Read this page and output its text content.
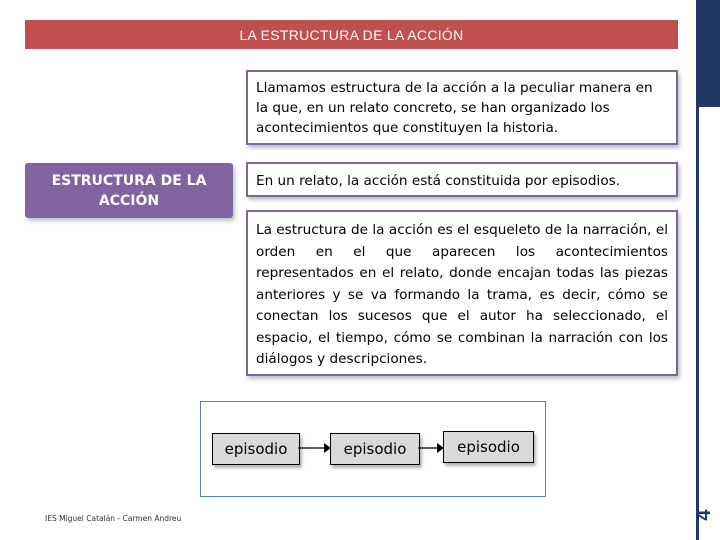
LA ESTRUCTURA DE LA ACCIÓN
4
Llamamos estructura de la acción a la peculiar manera en la que, en un relato concreto, se han organizado los acontecimientos que constituyen la historia.
En un relato, la acción está constituida por episodios.
La estructura de la acción es el esqueleto de la narración, el orden en el que aparecen los acontecimientos representados en el relato, donde encajan todas las piezas anteriores y se va formando la trama, es decir, cómo se conectan los sucesos que el autor ha seleccionado, el espacio, el tiempo, cómo se combinan la narración con los diálogos y descripciones.
ESTRUCTURA DE LA ACCIÓN
episodio	episodio	episodio
IES Miguel Catalán - Carmen Andreu
